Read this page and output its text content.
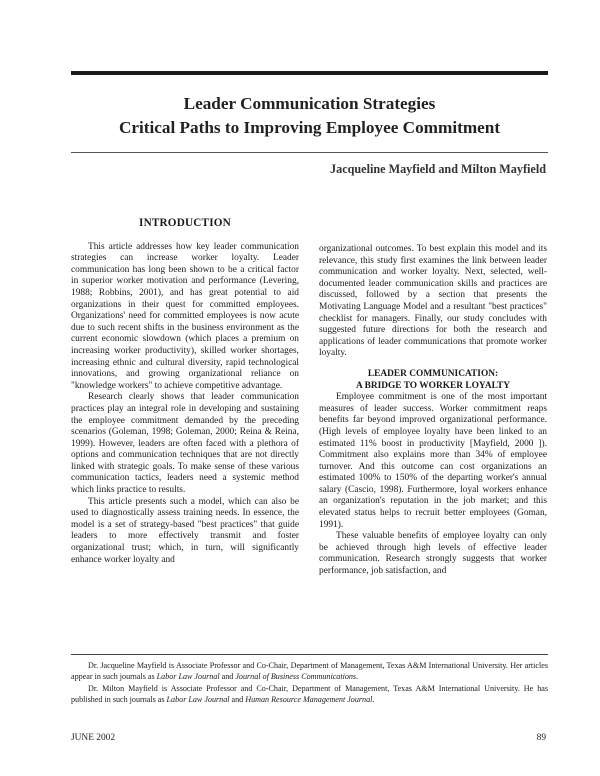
Leader Communication Strategies
Critical Paths to Improving Employee Commitment
Jacqueline Mayfield and Milton Mayfield
INTRODUCTION

This article addresses how key leader communication strategies can increase worker loyalty. Leader communication has long been shown to be a critical factor in superior worker motivation and performance (Levering, 1988; Robbins, 2001), and has great potential to aid organizations in their quest for committed employees. Organizations' need for committed employees is now acute due to such recent shifts in the business environment as the current economic slowdown (which places a premium on increasing worker productivity), skilled worker shortages, increasing ethnic and cultural diversity, rapid technological innovations, and growing organizational reliance on "knowledge workers" to achieve competitive advantage.

Research clearly shows that leader communication practices play an integral role in developing and sustaining the employee commitment demanded by the preceding scenarios (Goleman, 1998; Goleman, 2000; Reina & Reina, 1999). However, leaders are often faced with a plethora of options and communication techniques that are not directly linked with strategic goals. To make sense of these various communication tactics, leaders need a systemic method which links practice to results.

This article presents such a model, which can also be used to diagnostically assess training needs. In essence, the model is a set of strategy-based "best practices" that guide leaders to more effectively transmit and foster organizational trust; which, in turn, will significantly enhance worker loyalty and

organizational outcomes. To best explain this model and its relevance, this study first examines the link between leader communication and worker loyalty. Next, selected, well-documented leader communication skills and practices are discussed, followed by a section that presents the Motivating Language Model and a resultant "best practices" checklist for managers. Finally, our study concludes with suggested future directions for both the research and applications of leader communications that promote worker loyalty.

LEADER COMMUNICATION:
A BRIDGE TO WORKER LOYALTY

Employee commitment is one of the most important measures of leader success. Worker commitment reaps benefits far beyond improved organizational performance. (High levels of employee loyalty have been linked to an estimated 11% boost in productivity [Mayfield, 2000 ]). Commitment also explains more than 34% of employee turnover. And this outcome can cost organizations an estimated 100% to 150% of the departing worker's annual salary (Cascio, 1998). Furthermore, loyal workers enhance an organization's reputation in the job market; and this elevated status helps to recruit better employees (Goman, 1991).

These valuable benefits of employee loyalty can only be achieved through high levels of effective leader communication. Research strongly suggests that worker performance, job satisfaction, and

Dr. Jacqueline Mayfield is Associate Professor and Co-Chair, Department of Management, Texas A&M International University. Her articles appear in such journals as Labor Law Journal and Journal of Business Communications.

Dr. Milton Mayfield is Associate Professor and Co-Chair, Department of Management, Texas A&M International University. He has published in such journals as Labor Law Journal and Human Resource Management Journal.

JUNE 2002	89
